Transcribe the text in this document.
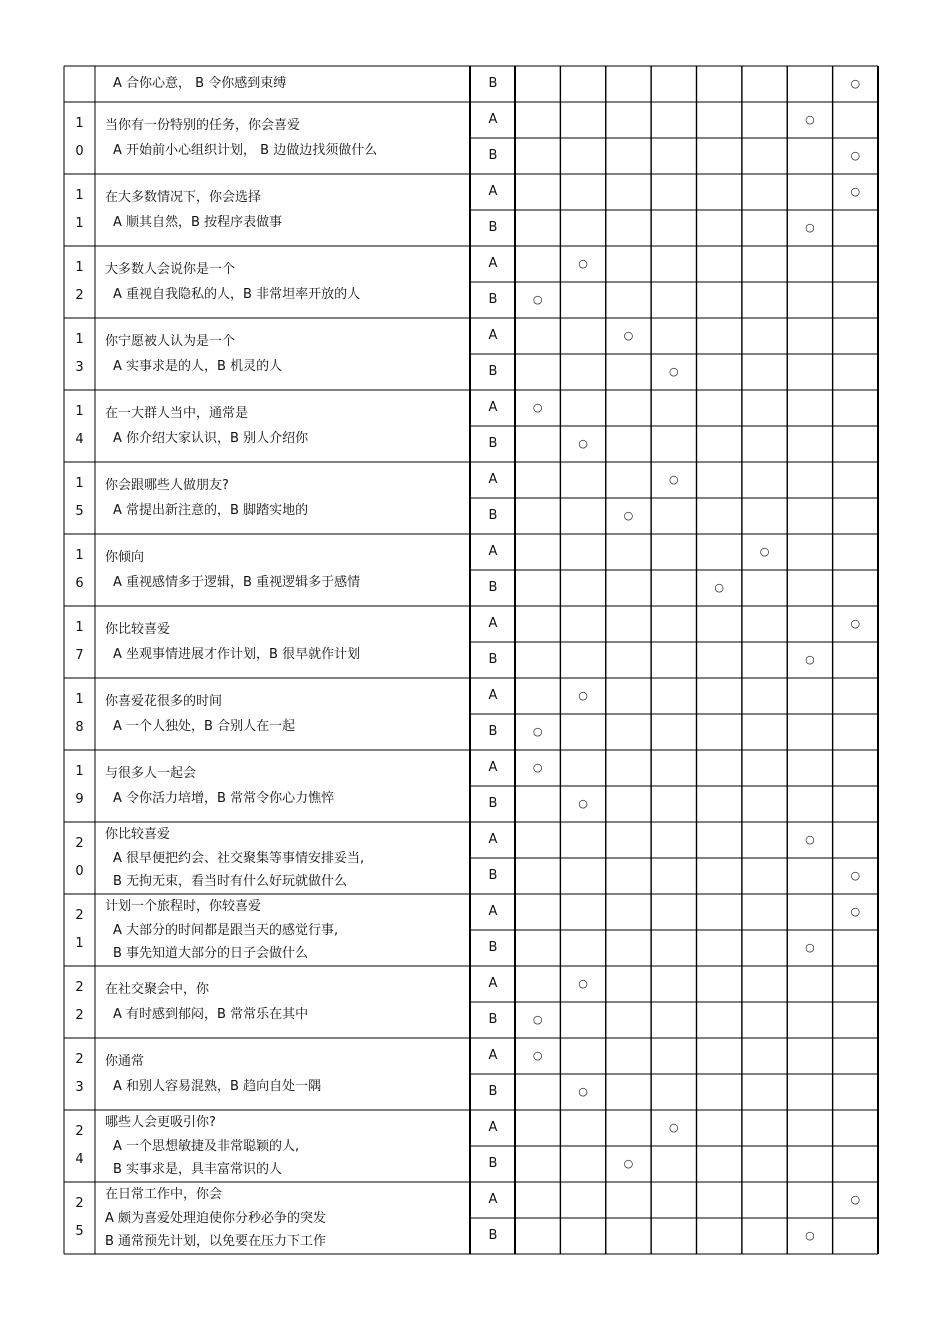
A 合你心意， B 令你感到束缚	B	○
1
0
当你有一份特别的任务，你会喜爱
A 开始前小心组织计划， B 边做边找须做什么
A
B
○
○
1
1
在大多数情况下，你会选择
A 顺其自然，B 按程序表做事
A
B
○
○
1
2
大多数人会说你是一个
A 重视自我隐私的人，B 非常坦率开放的人
A
B
○
○
1
3
你宁愿被人认为是一个
A 实事求是的人，B 机灵的人
A
B
○
○
1
4
在一大群人当中，通常是
A 你介绍大家认识，B 别人介绍你
A
B
○
○
1
5
你会跟哪些人做朋友?
A 常提出新注意的，B 脚踏实地的
A
B
○
○
1
6
你倾向
A 重视感情多于逻辑，B 重视逻辑多于感情
A
B
○
○
1
7
你比较喜爱
A 坐观事情进展才作计划，B 很早就作计划
A
B
○
○
1
8
你喜爱花很多的时间
A 一个人独处，B 合别人在一起
A
B
○
○
1
9
与很多人一起会
A 令你活力培增，B 常常令你心力憔悴
A
B
○
○
2
0
你比较喜爱
A 很早便把约会、社交聚集等事情安排妥当,
B 无拘无束，看当时有什么好玩就做什么
A
B
○
○
2
1
计划一个旅程时，你较喜爱
A 大部分的时间都是跟当天的感觉行事,
B 事先知道大部分的日子会做什么
A
B
○
○
2
2
在社交聚会中，你
A 有时感到郁闷，B 常常乐在其中
A
B
○
○
2
3
你通常
A 和别人容易混熟，B 趋向自处一隅
A
B
○
○
2
4
哪些人会更吸引你?
A 一个思想敏捷及非常聪颖的人,
B 实事求是，具丰富常识的人
A
B
○
○
2
5
在日常工作中，你会
A 颇为喜爱处理迫使你分秒必争的突发
B 通常预先计划，以免要在压力下工作
A
B
○
○
